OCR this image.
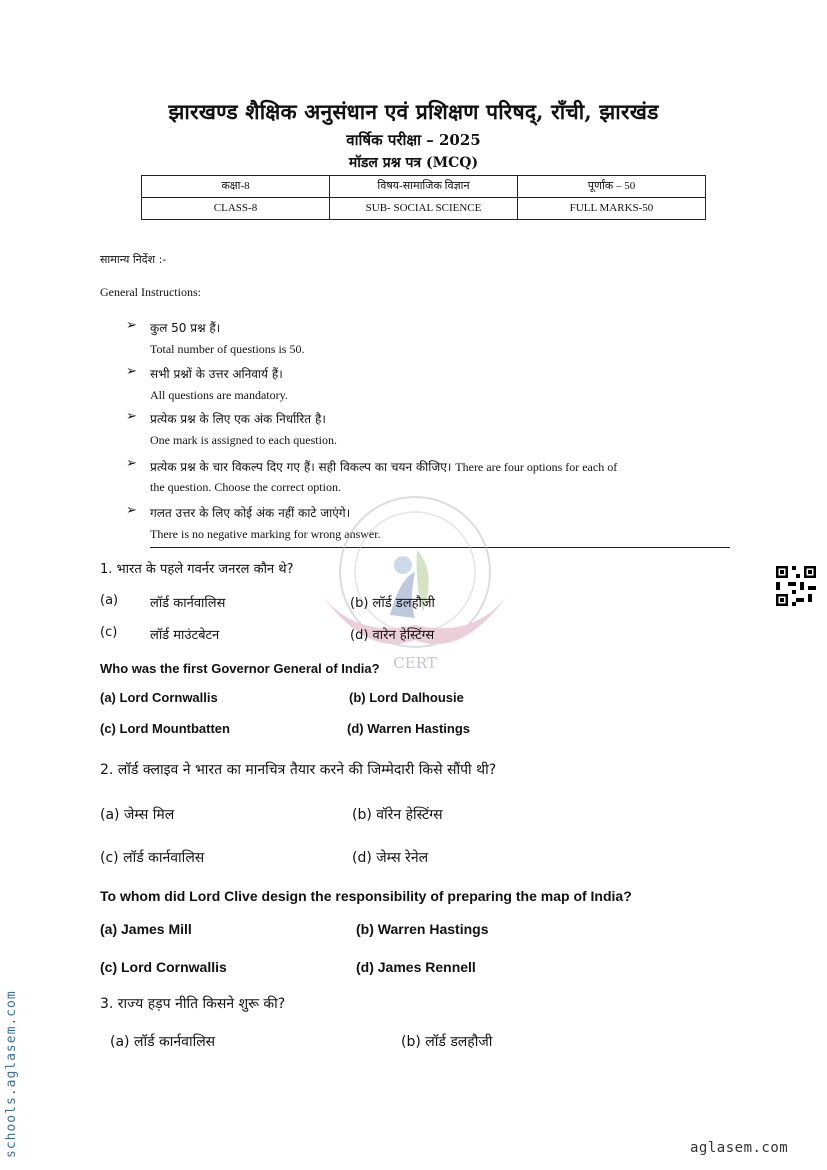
झारखण्ड शैक्षिक अनुसंधान एवं प्रशिक्षण परिषद्, राँची, झारखंड
वार्षिक परीक्षा – 2025
मॉडल प्रश्न पत्र (MCQ)
कक्षा-8	विषय-सामाजिक विज्ञान	पूर्णांक – 50
CLASS-8	SUB- SOCIAL SCIENCE	FULL MARKS-50
सामान्य निर्देश :-
General Instructions:
➢ कुल 50 प्रश्न हैं।
Total number of questions is 50.
➢ सभी प्रश्नों के उत्तर अनिवार्य हैं।
All questions are mandatory.
➢ प्रत्येक प्रश्न के लिए एक अंक निर्धारित है।
One mark is assigned to each question.
➢ प्रत्येक प्रश्न के चार विकल्प दिए गए हैं। सही विकल्प का चयन कीजिए। There are four options for each of
the question. Choose the correct option.
➢ गलत उत्तर के लिए कोई अंक नहीं काटे जाएंगे।
There is no negative marking for wrong answer.
CERT
1. भारत के पहले गवर्नर जनरल कौन थे?
(a) लॉर्ड कार्नवालिस	(b) लॉर्ड डलहौजी
(c)	लॉर्ड माउंटबेटन	(d) वारेन हेस्टिंग्स
Who was the first Governor General of India?
(a) Lord Cornwallis	(b) Lord Dalhousie
(c) Lord Mountbatten	(d) Warren Hastings
2. लॉर्ड क्लाइव ने भारत का मानचित्र तैयार करने की जिम्मेदारी किसे सौंपी थी?
(a) जेम्स मिल	(b) वॉरेन हेस्टिंग्स
(c) लॉर्ड कार्नवालिस	(d) जेम्स रेनेल
To whom did Lord Clive design the responsibility of preparing the map of India?
(a) James Mill	(b) Warren Hastings
(c) Lord Cornwallis	(d) James Rennell
3. राज्य हड़प नीति किसने शुरू की?
(a) लॉर्ड कार्नवालिस	(b) लॉर्ड डलहौजी
schools.aglasem.com	aglasem.com
